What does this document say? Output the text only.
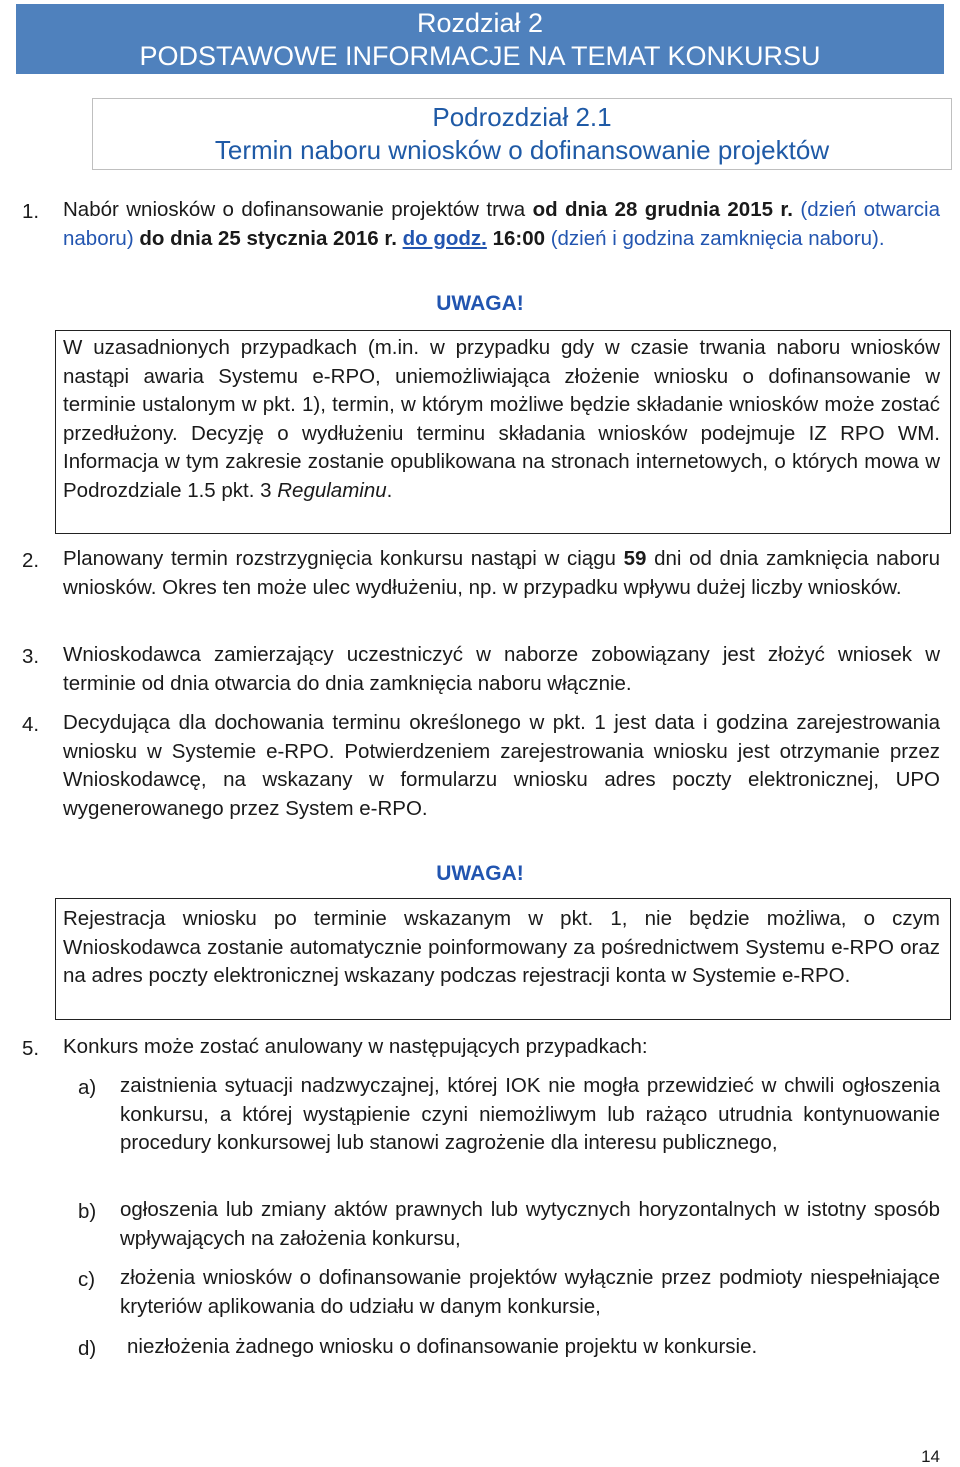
Rozdział 2
PODSTAWOWE INFORMACJE NA TEMAT KONKURSU
Podrozdział 2.1
Termin naboru wniosków o dofinansowanie projektów
1. Nabór wniosków o dofinansowanie projektów trwa od dnia 28 grudnia 2015 r. (dzień otwarcia naboru) do dnia 25 stycznia 2016 r. do godz. 16:00 (dzień i godzina zamknięcia naboru).
UWAGA!
W uzasadnionych przypadkach (m.in. w przypadku gdy w czasie trwania naboru wniosków nastąpi awaria Systemu e-RPO, uniemożliwiająca złożenie wniosku o dofinansowanie w terminie ustalonym w pkt. 1), termin, w którym możliwe będzie składanie wniosków może zostać przedłużony. Decyzję o wydłużeniu terminu składania wniosków podejmuje IZ RPO WM. Informacja w tym zakresie zostanie opublikowana na stronach internetowych, o których mowa w Podrozdziale 1.5 pkt. 3 Regulaminu.
2. Planowany termin rozstrzygnięcia konkursu nastąpi w ciągu 59 dni od dnia zamknięcia naboru wniosków. Okres ten może ulec wydłużeniu, np. w przypadku wpływu dużej liczby wniosków.
3. Wnioskodawca zamierzający uczestniczyć w naborze zobowiązany jest złożyć wniosek w terminie od dnia otwarcia do dnia zamknięcia naboru włącznie.
4. Decydująca dla dochowania terminu określonego w pkt. 1 jest data i godzina zarejestrowania wniosku w Systemie e-RPO. Potwierdzeniem zarejestrowania wniosku jest otrzymanie przez Wnioskodawcę, na wskazany w formularzu wniosku adres poczty elektronicznej, UPO wygenerowanego przez System e-RPO.
UWAGA!
Rejestracja wniosku po terminie wskazanym w pkt. 1, nie będzie możliwa, o czym Wnioskodawca zostanie automatycznie poinformowany za pośrednictwem Systemu e-RPO oraz na adres poczty elektronicznej wskazany podczas rejestracji konta w Systemie e-RPO.
5. Konkurs może zostać anulowany w następujących przypadkach:
a) zaistnienia sytuacji nadzwyczajnej, której IOK nie mogła przewidzieć w chwili ogłoszenia konkursu, a której wystąpienie czyni niemożliwym lub rażąco utrudnia kontynuowanie procedury konkursowej lub stanowi zagrożenie dla interesu publicznego,
b) ogłoszenia lub zmiany aktów prawnych lub wytycznych horyzontalnych w istotny sposób wpływających na założenia konkursu,
c) złożenia wniosków o dofinansowanie projektów wyłącznie przez podmioty niespełniające kryteriów aplikowania do udziału w danym konkursie,
d) niezłożenia żadnego wniosku o dofinansowanie projektu w konkursie.
14
